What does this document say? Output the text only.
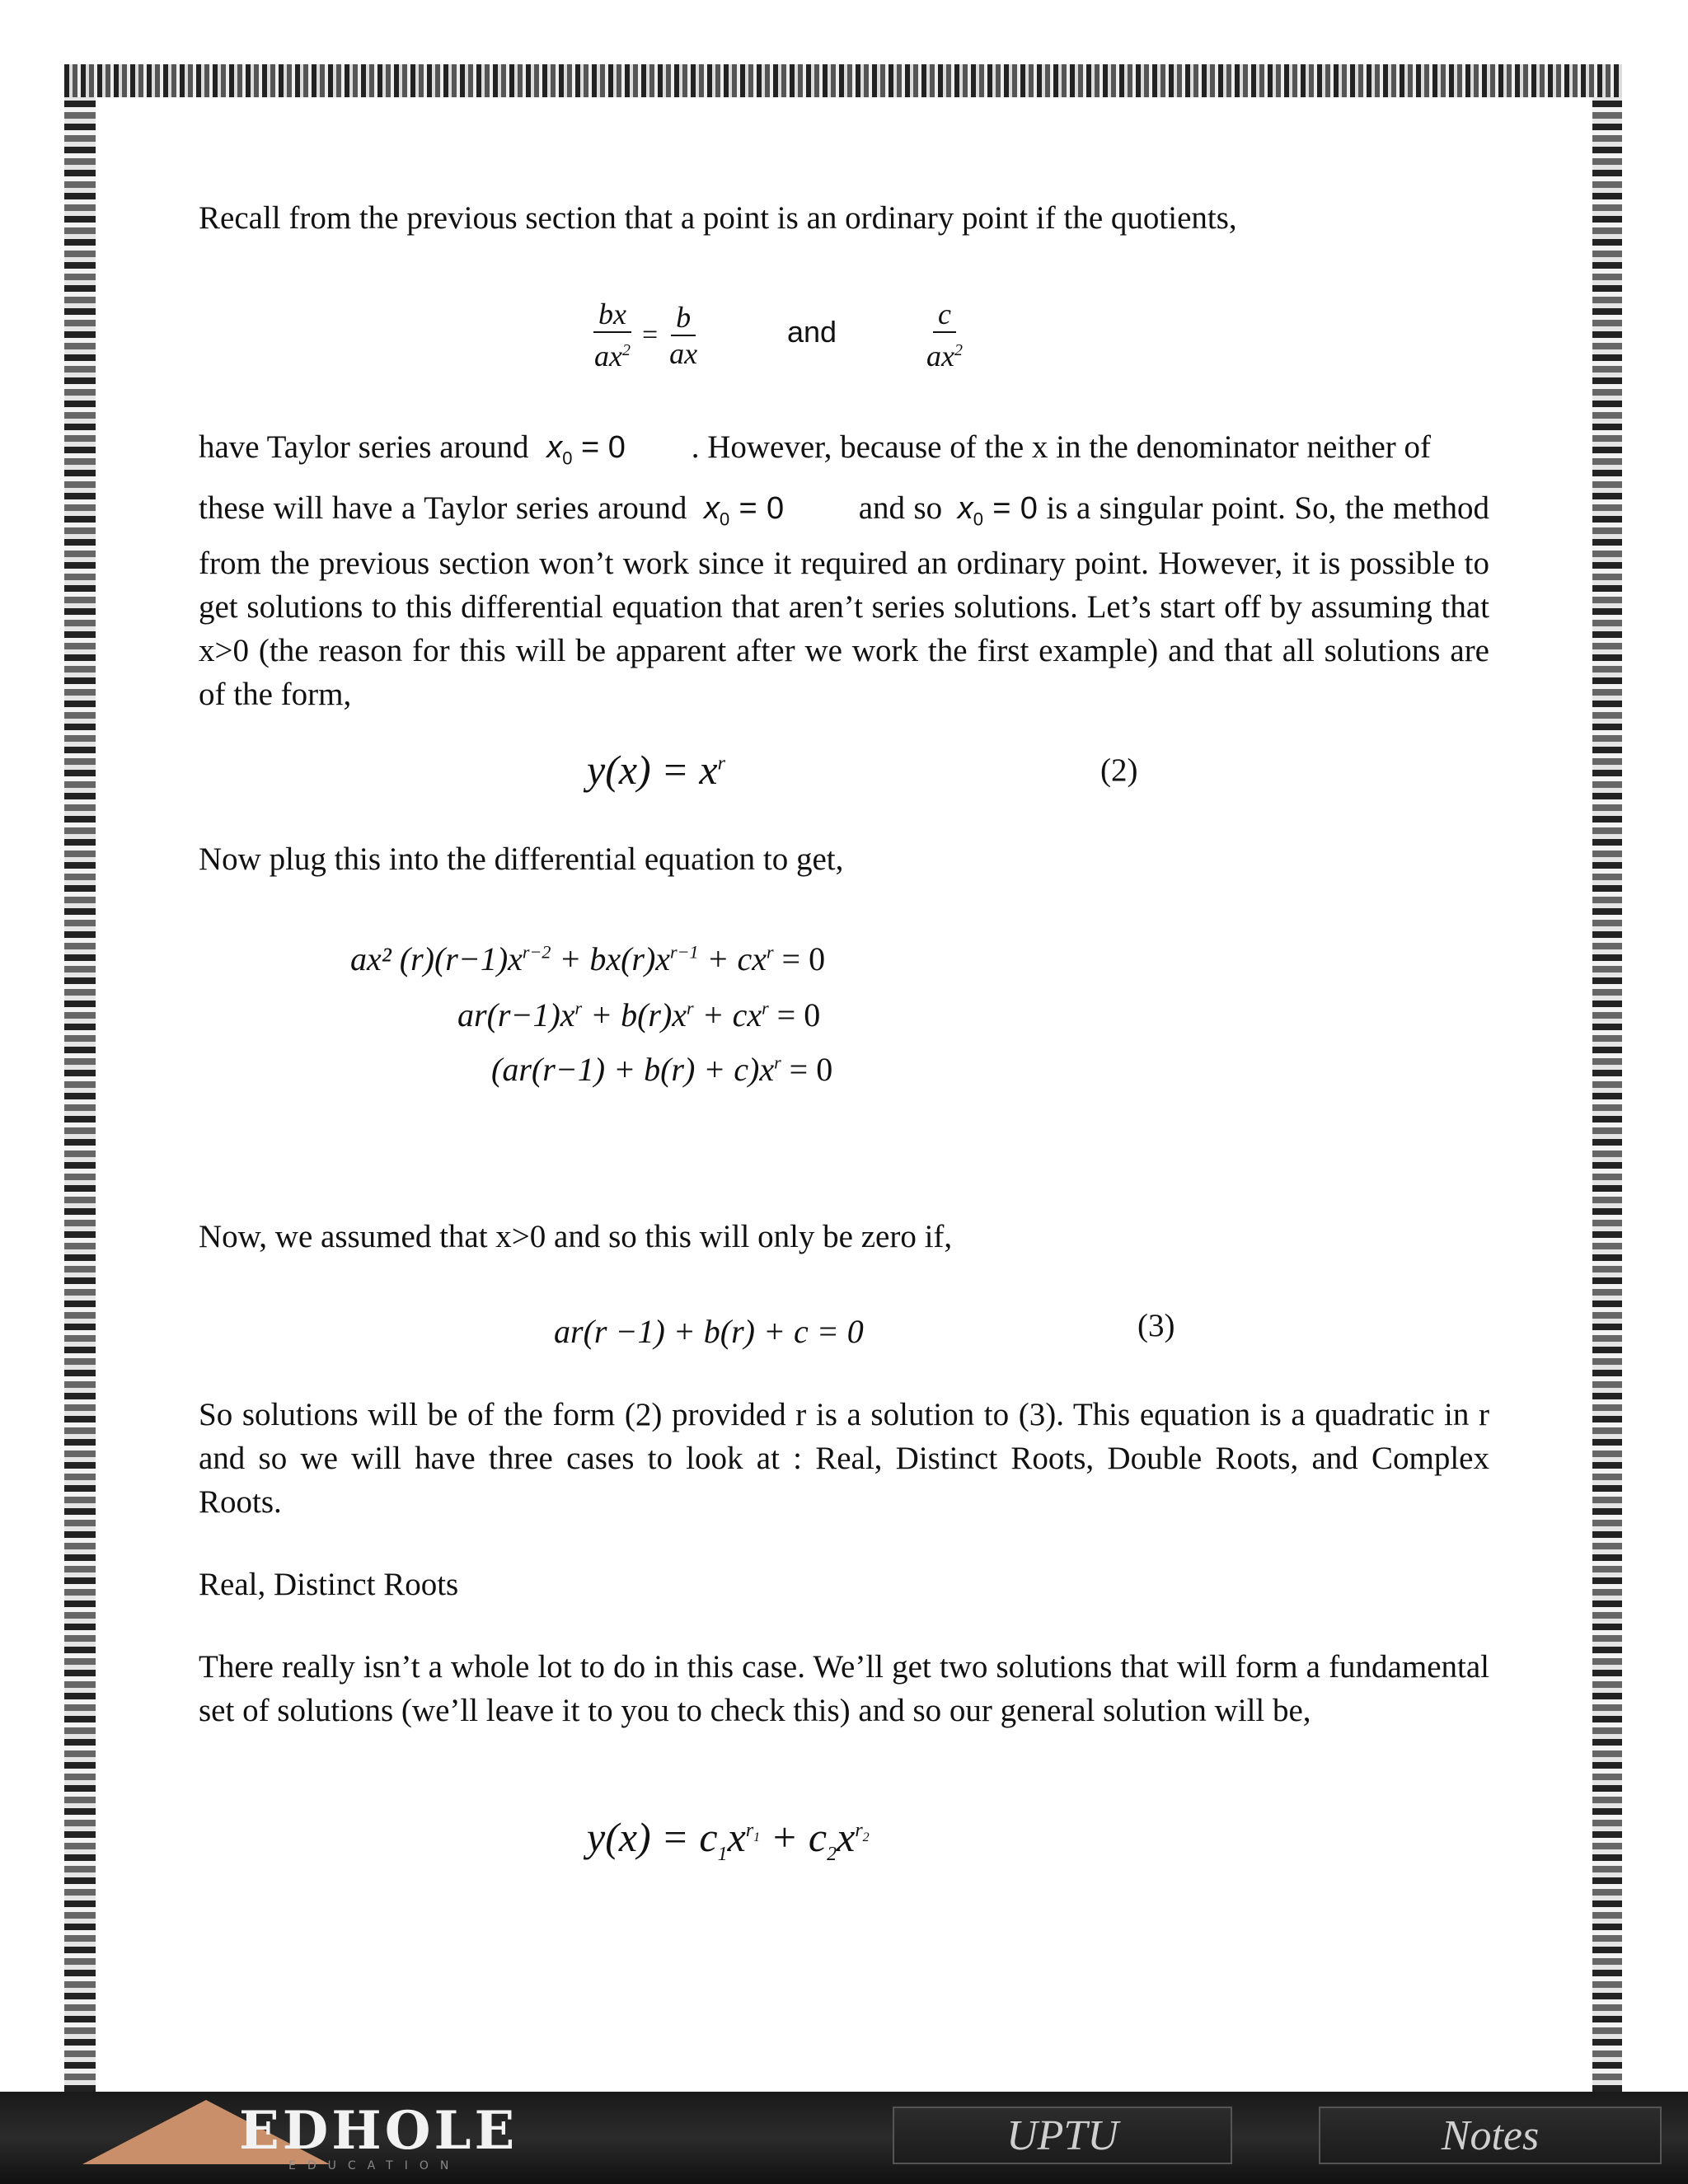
Recall from the previous section that a point is an ordinary point if the quotients,

$\frac{bx}{ax^2} = \frac{b}{ax}$	and	$\frac{c}{ax^2}$

have Taylor series around $x_0 = 0$ . However, because of the x in the denominator neither of

these will have a Taylor series around $x_0 = 0$ and so $x_0 = 0$ is a singular point. So, the method from the previous section won’t work since it required an ordinary point. However, it is possible to get solutions to this differential equation that aren’t series solutions. Let’s start off by assuming that x>0 (the reason for this will be apparent after we work the first example) and that all solutions are of the form,

$y(x) = x^r$	(2)

Now plug this into the differential equation to get,

ax² $(r)(r-1)x^{r-2} + bx(r)x^{r-1} + cx^r = 0$
$ar(r-1)x^r + b(r)x^r + cx^r = 0$
$(ar(r-1) + b(r) + c)x^r = 0$

Now, we assumed that x>0 and so this will only be zero if,

ar(r −1) + b(r) + c = 0	(3)

So solutions will be of the form (2) provided r is a solution to (3). This equation is a quadratic in r and so we will have three cases to look at : Real, Distinct Roots, Double Roots, and Complex Roots.

Real, Distinct Roots

There really isn’t a whole lot to do in this case. We’ll get two solutions that will form a fundamental set of solutions (we’ll leave it to you to check this) and so our general solution will be,

$y(x) = c_1x^{r_1} + c_2x^{r_2}$
EDHOLE
EDUCATION
UPTU	Notes
